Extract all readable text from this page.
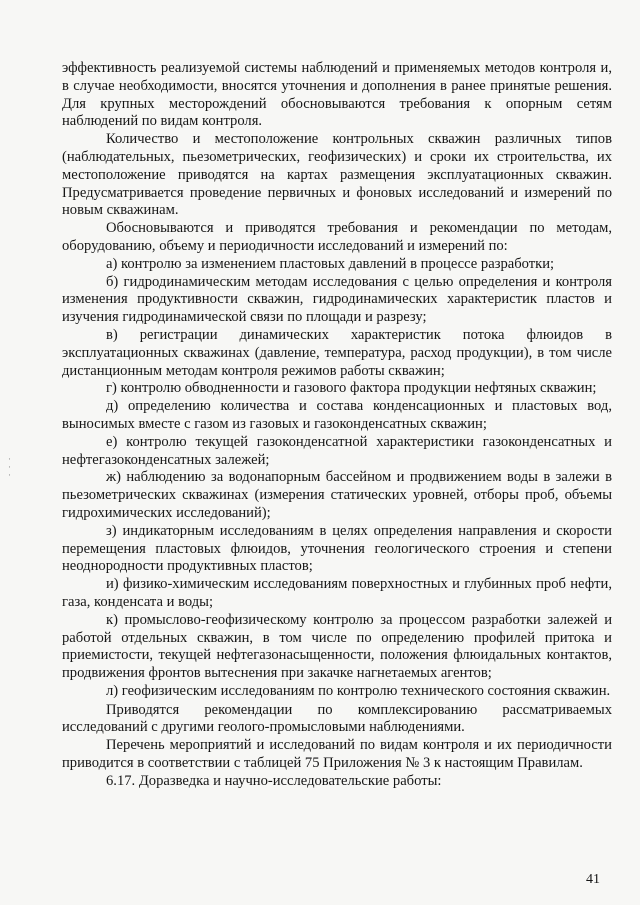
эффективность реализуемой системы наблюдений и применяемых методов контроля и, в случае необходимости, вносятся уточнения и дополнения в ранее принятые решения. Для крупных месторождений обосновываются требования к опорным сетям наблюдений по видам контроля.

Количество и местоположение контрольных скважин различных типов (наблюдательных, пьезометрических, геофизических) и сроки их строительства, их местоположение приводятся на картах размещения эксплуатационных скважин. Предусматривается проведение первичных и фоновых исследований и измерений по новым скважинам.

Обосновываются и приводятся требования и рекомендации по методам, оборудованию, объему и периодичности исследований и измерений по:

а) контролю за изменением пластовых давлений в процессе разработки;

б) гидродинамическим методам исследования с целью определения и контроля изменения продуктивности скважин, гидродинамических характеристик пластов и изучения гидродинамической связи по площади и разрезу;

в) регистрации динамических характеристик потока флюидов в эксплуатационных скважинах (давление, температура, расход продукции), в том числе дистанционным методам контроля режимов работы скважин;

г) контролю обводненности и газового фактора продукции нефтяных скважин;

д) определению количества и состава конденсационных и пластовых вод, выносимых вместе с газом из газовых и газоконденсатных скважин;

е) контролю текущей газоконденсатной характеристики газоконденсатных и нефтегазоконденсатных залежей;

ж) наблюдению за водонапорным бассейном и продвижением воды в залежи в пьезометрических скважинах (измерения статических уровней, отборы проб, объемы гидрохимических исследований);

з) индикаторным исследованиям в целях определения направления и скорости перемещения пластовых флюидов, уточнения геологического строения и степени неоднородности продуктивных пластов;

и) физико-химическим исследованиям поверхностных и глубинных проб нефти, газа, конденсата и воды;

к) промыслово-геофизическому контролю за процессом разработки залежей и работой отдельных скважин, в том числе по определению профилей притока и приемистости, текущей нефтегазонасыщенности, положения флюидальных контактов, продвижения фронтов вытеснения при закачке нагнетаемых агентов;

л) геофизическим исследованиям по контролю технического состояния скважин.

Приводятся рекомендации по комплексированию рассматриваемых исследований с другими геолого-промысловыми наблюдениями.

Перечень мероприятий и исследований по видам контроля и их периодичности приводится в соответствии с таблицей 75 Приложения № 3 к настоящим Правилам.

6.17. Доразведка и научно-исследовательские работы:

·
·
·
41
